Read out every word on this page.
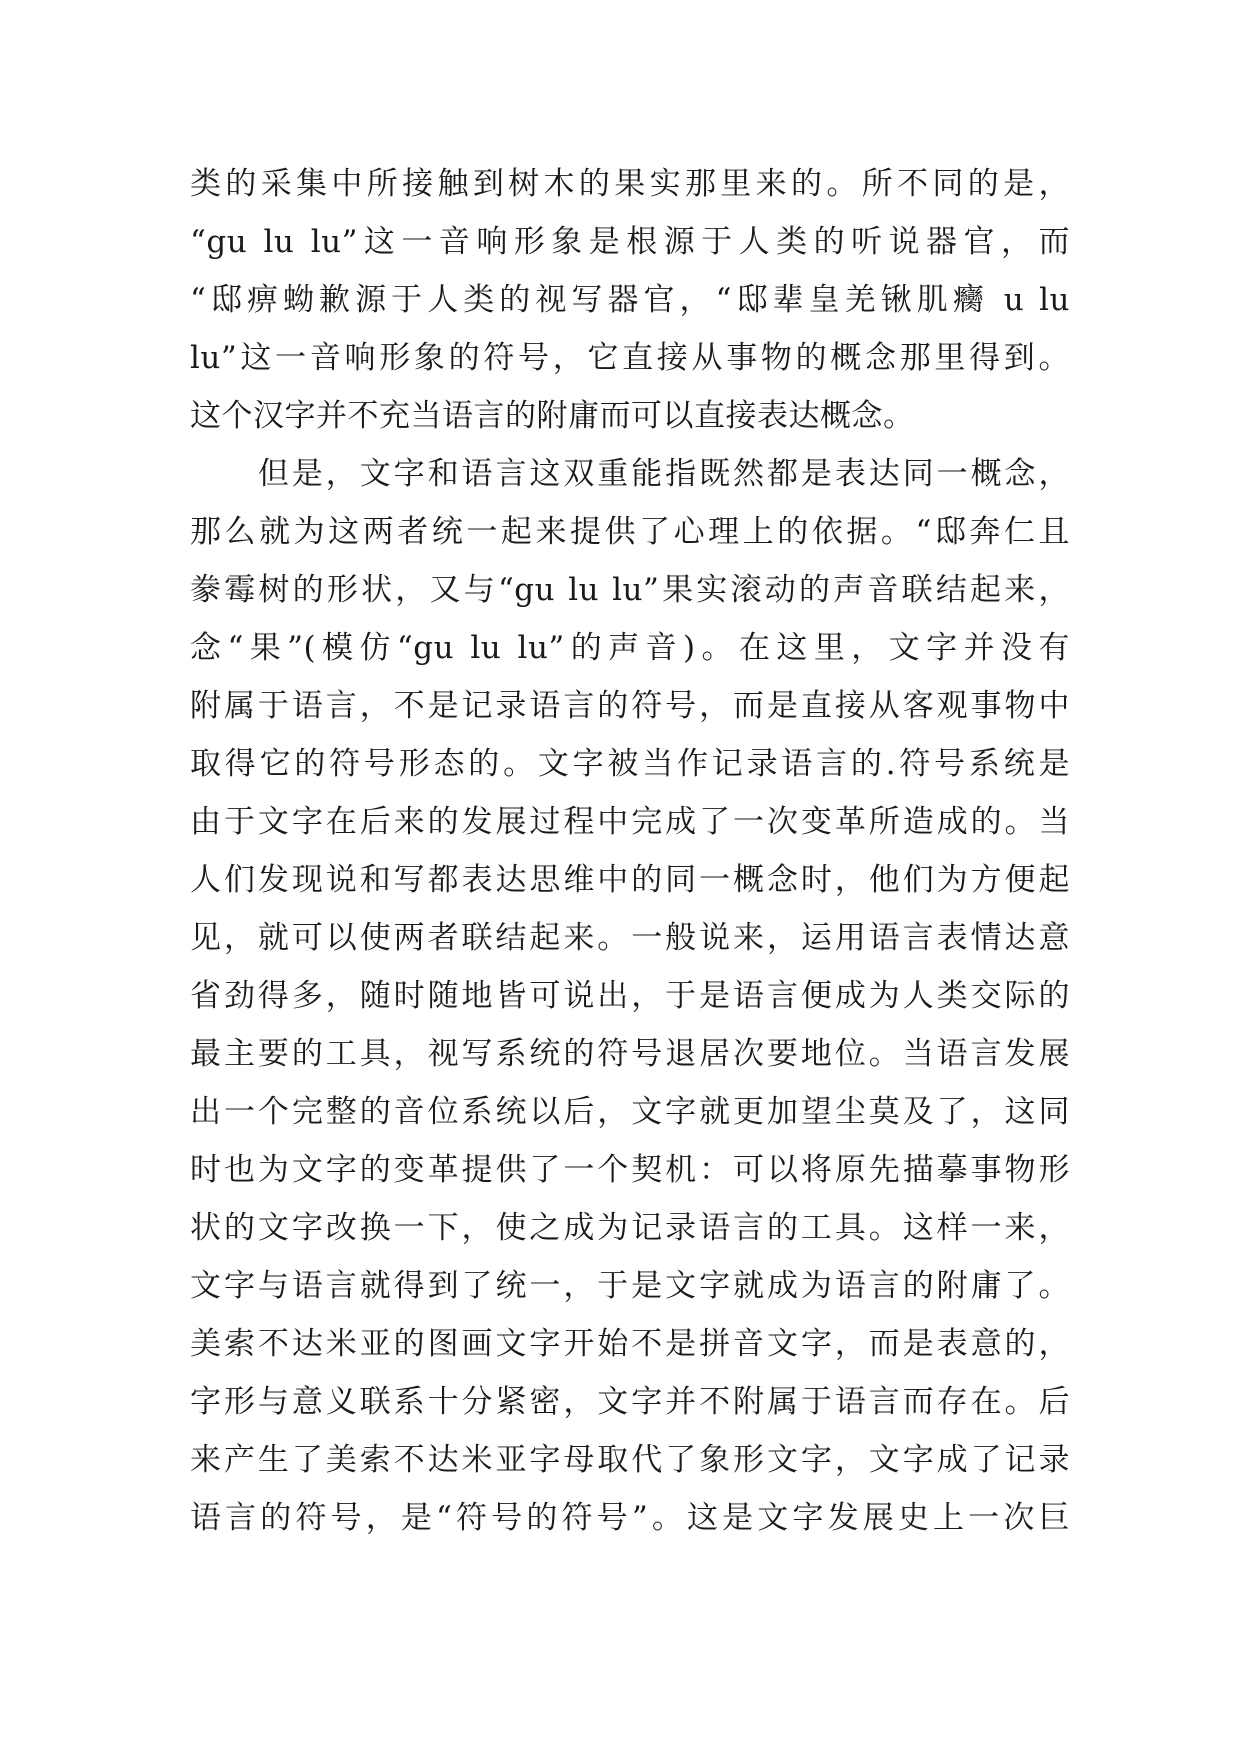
类的采集中所接触到树木的果实那里来的。所不同的是，
“gu lu lu”这一音响形象是根源于人类的听说器官，而
“邸痹蚴歉源于人类的视写器官，“邸辈皇羌锹肌癵 u lu
lu”这一音响形象的符号，它直接从事物的概念那里得到。
这个汉字并不充当语言的附庸而可以直接表达概念。
　　但是，文字和语言这双重能指既然都是表达同一概念，
那么就为这两者统一起来提供了心理上的依据。“邸奔仁且
豢霉树的形状，又与“gu lu lu”果实滚动的声音联结起来，
念“果”(模仿“gu lu lu”的声音)。在这里，文字并没有
附属于语言，不是记录语言的符号，而是直接从客观事物中
取得它的符号形态的。文字被当作记录语言的.符号系统是
由于文字在后来的发展过程中完成了一次变革所造成的。当
人们发现说和写都表达思维中的同一概念时，他们为方便起
见，就可以使两者联结起来。一般说来，运用语言表情达意
省劲得多，随时随地皆可说出，于是语言便成为人类交际的
最主要的工具，视写系统的符号退居次要地位。当语言发展
出一个完整的音位系统以后，文字就更加望尘莫及了，这同
时也为文字的变革提供了一个契机：可以将原先描摹事物形
状的文字改换一下，使之成为记录语言的工具。这样一来，
文字与语言就得到了统一，于是文字就成为语言的附庸了。
美索不达米亚的图画文字开始不是拼音文字，而是表意的，
字形与意义联系十分紧密，文字并不附属于语言而存在。后
来产生了美索不达米亚字母取代了象形文字，文字成了记录
语言的符号，是“符号的符号”。这是文字发展史上一次巨
